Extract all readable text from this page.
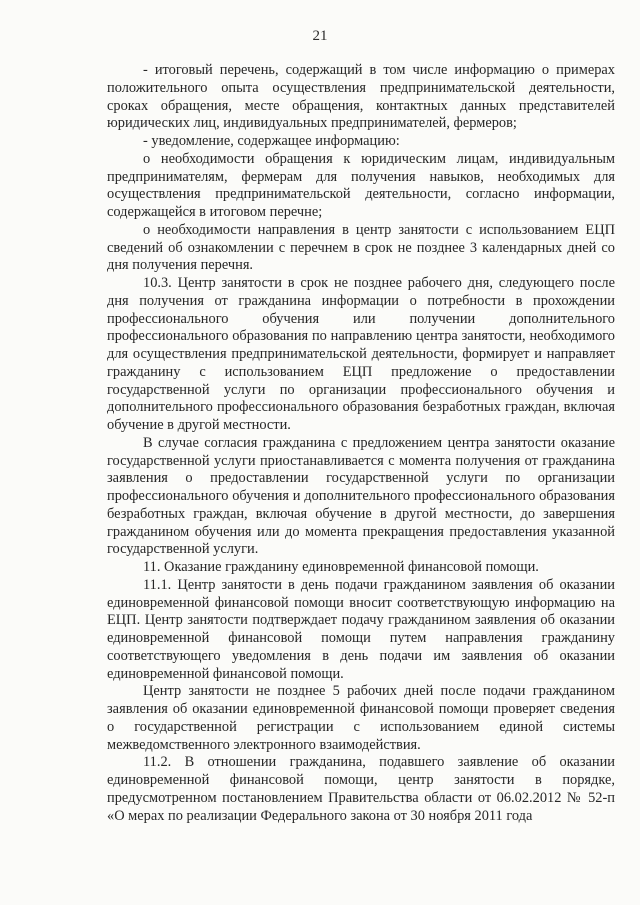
21

- итоговый перечень, содержащий в том числе информацию о примерах положительного опыта осуществления предпринимательской деятельности, сроках обращения, месте обращения, контактных данных представителей юридических лиц, индивидуальных предпринимателей, фермеров;

- уведомление, содержащее информацию:

о необходимости обращения к юридическим лицам, индивидуальным предпринимателям, фермерам для получения навыков, необходимых для осуществления предпринимательской деятельности, согласно информации, содержащейся в итоговом перечне;

о необходимости направления в центр занятости с использованием ЕЦП сведений об ознакомлении с перечнем в срок не позднее 3 календарных дней со дня получения перечня.

10.3. Центр занятости в срок не позднее рабочего дня, следующего после дня получения от гражданина информации о потребности в прохождении профессионального обучения или получении дополнительного профессионального образования по направлению центра занятости, необходимого для осуществления предпринимательской деятельности, формирует и направляет гражданину с использованием ЕЦП предложение о предоставлении государственной услуги по организации профессионального обучения и дополнительного профессионального образования безработных граждан, включая обучение в другой местности.

В случае согласия гражданина с предложением центра занятости оказание государственной услуги приостанавливается с момента получения от гражданина заявления о предоставлении государственной услуги по организации профессионального обучения и дополнительного профессионального образования безработных граждан, включая обучение в другой местности, до завершения гражданином обучения или до момента прекращения предоставления указанной государственной услуги.

11. Оказание гражданину единовременной финансовой помощи.

11.1. Центр занятости в день подачи гражданином заявления об оказании единовременной финансовой помощи вносит соответствующую информацию на ЕЦП. Центр занятости подтверждает подачу гражданином заявления об оказании единовременной финансовой помощи путем направления гражданину соответствующего уведомления в день подачи им заявления об оказании единовременной финансовой помощи.

Центр занятости не позднее 5 рабочих дней после подачи гражданином заявления об оказании единовременной финансовой помощи проверяет сведения о государственной регистрации с использованием единой системы межведомственного электронного взаимодействия.

11.2. В отношении гражданина, подавшего заявление об оказании единовременной финансовой помощи, центр занятости в порядке, предусмотренном постановлением Правительства области от 06.02.2012 № 52-п «О мерах по реализации Федерального закона от 30 ноября 2011 года
